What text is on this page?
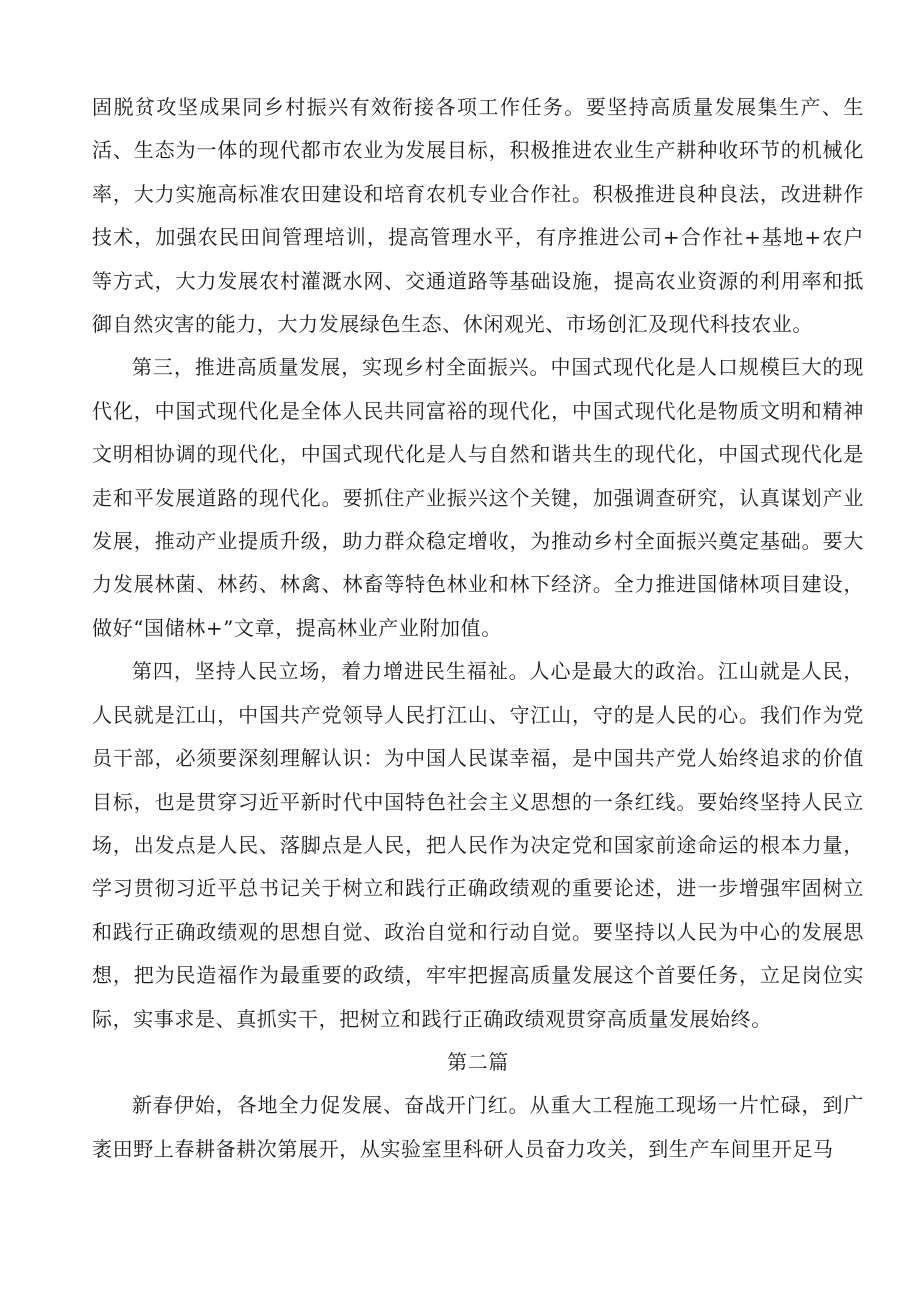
固脱贫攻坚成果同乡村振兴有效衔接各项工作任务。要坚持高质量发展集生产、生活、生态为一体的现代都市农业为发展目标，积极推进农业生产耕种收环节的机械化率，大力实施高标准农田建设和培育农机专业合作社。积极推进良种良法，改进耕作技术，加强农民田间管理培训，提高管理水平，有序推进公司+合作社+基地+农户等方式，大力发展农村灌溉水网、交通道路等基础设施，提高农业资源的利用率和抵御自然灾害的能力，大力发展绿色生态、休闲观光、市场创汇及现代科技农业。

第三，推进高质量发展，实现乡村全面振兴。中国式现代化是人口规模巨大的现代化，中国式现代化是全体人民共同富裕的现代化，中国式现代化是物质文明和精神文明相协调的现代化，中国式现代化是人与自然和谐共生的现代化，中国式现代化是走和平发展道路的现代化。要抓住产业振兴这个关键，加强调查研究，认真谋划产业发展，推动产业提质升级，助力群众稳定增收，为推动乡村全面振兴奠定基础。要大力发展林菌、林药、林禽、林畜等特色林业和林下经济。全力推进国储林项目建设，做好“国储林+”文章，提高林业产业附加值。

第四，坚持人民立场，着力增进民生福祉。人心是最大的政治。江山就是人民，人民就是江山，中国共产党领导人民打江山、守江山，守的是人民的心。我们作为党员干部，必须要深刻理解认识：为中国人民谋幸福，是中国共产党人始终追求的价值目标，也是贯穿习近平新时代中国特色社会主义思想的一条红线。要始终坚持人民立场，出发点是人民、落脚点是人民，把人民作为决定党和国家前途命运的根本力量，学习贯彻习近平总书记关于树立和践行正确政绩观的重要论述，进一步增强牢固树立和践行正确政绩观的思想自觉、政治自觉和行动自觉。要坚持以人民为中心的发展思想，把为民造福作为最重要的政绩，牢牢把握高质量发展这个首要任务，立足岗位实际，实事求是、真抓实干，把树立和践行正确政绩观贯穿高质量发展始终。

第二篇

新春伊始，各地全力促发展、奋战开门红。从重大工程施工现场一片忙碌，到广袤田野上春耕备耕次第展开，从实验室里科研人员奋力攻关，到生产车间里开足马
